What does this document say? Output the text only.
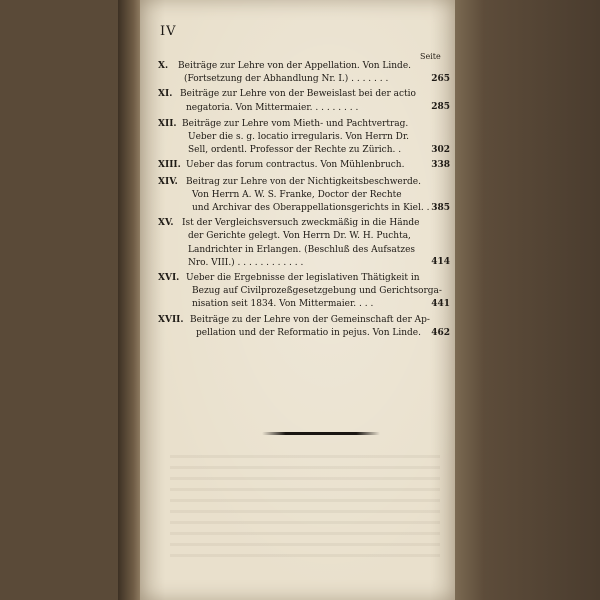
IV
Seite
X. Beiträge zur Lehre von der Appellation. Von Linde.
(Fortsetzung der Abhandlung Nr. I.) . . . . . . .	265
XI. Beiträge zur Lehre von der Beweislast bei der actio
negatoria. Von Mittermaier. . . . . . . . .	285
XII. Beiträge zur Lehre vom Mieth- und Pachtvertrag.
Ueber die s. g. locatio irregularis. Von Herrn Dr.
Sell, ordentl. Professor der Rechte zu Zürich. .	302
XIII. Ueber das forum contractus. Von Mühlenbruch.	338
XIV. Beitrag zur Lehre von der Nichtigkeitsbeschwerde.
Von Herrn A. W. S. Franke, Doctor der Rechte
und Archivar des Oberappellationsgerichts in Kiel. . 385
XV. Ist der Vergleichsversuch zweckmäßig in die Hände
der Gerichte gelegt. Von Herrn Dr. W. H. Puchta,
Landrichter in Erlangen. (Beschluß des Aufsatzes
Nro. VIII.) . . . . . . . . . . . .	414
XVI. Ueber die Ergebnisse der legislativen Thätigkeit in
Bezug auf Civilprozeßgesetzgebung und Gerichtsorga-
nisation seit 1834. Von Mittermaier. . . .	441
XVII. Beiträge zu der Lehre von der Gemeinschaft der Ap-
pellation und der Reformatio in pejus. Von Linde.	462
